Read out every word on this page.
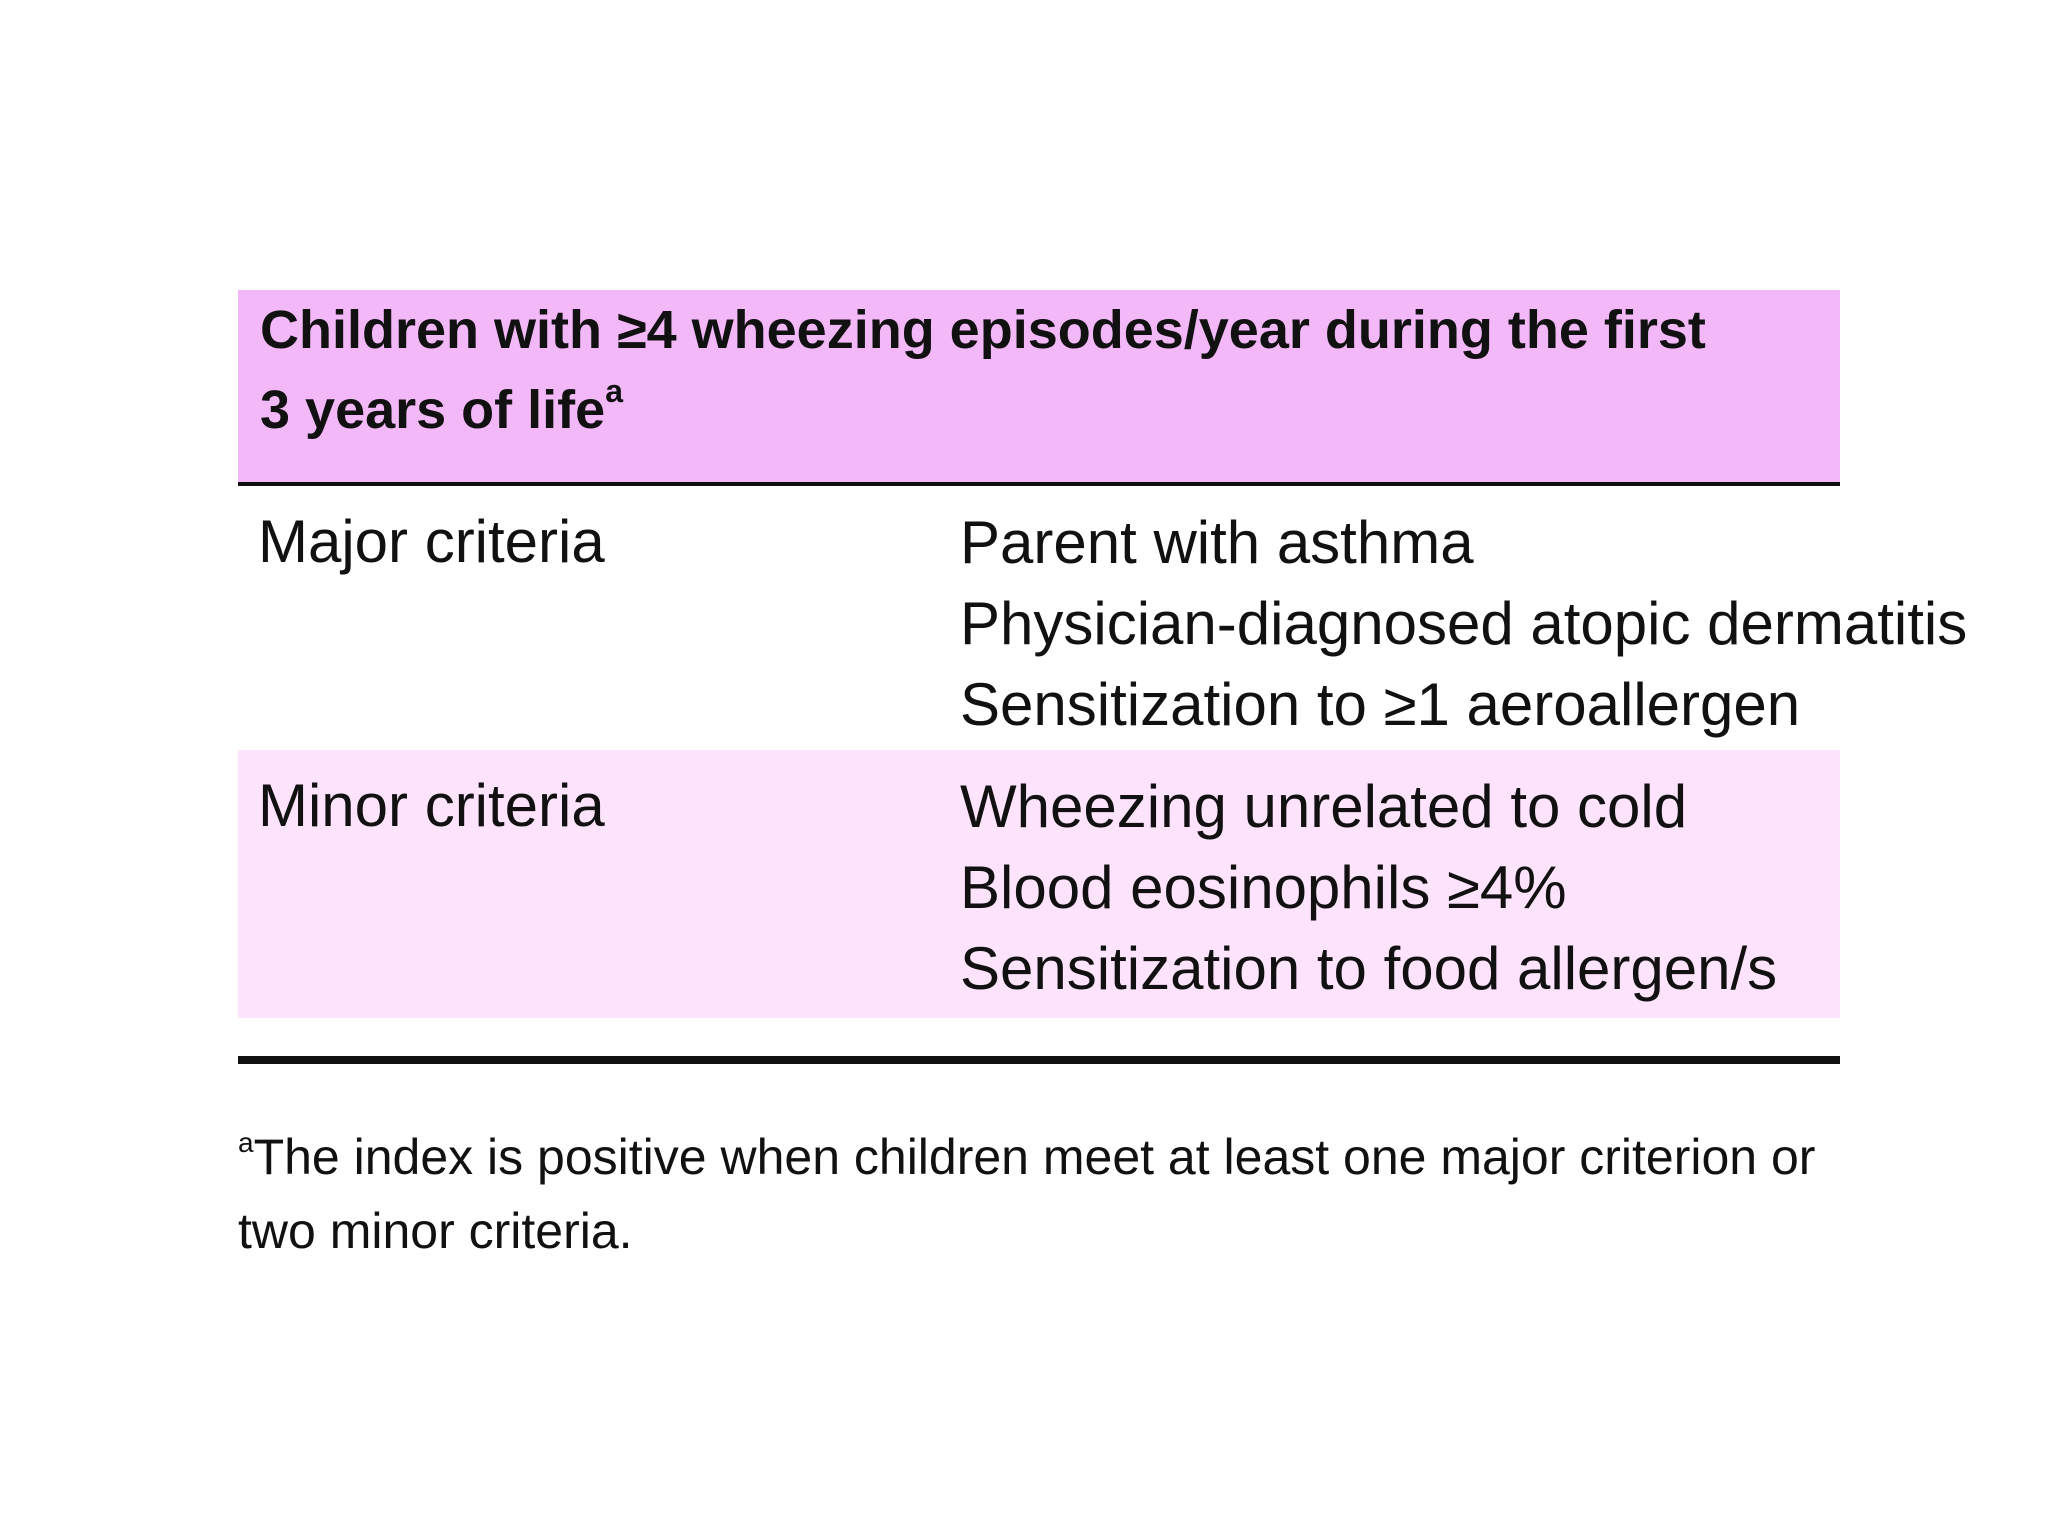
Children with ≥4 wheezing episodes/year during the first
3 years of life$^a$
Major criteria	Parent with asthma
Physician-diagnosed atopic dermatitis
Sensitization to ≥1 aeroallergen
Minor criteria	Wheezing unrelated to cold
Blood eosinophils ≥4%
Sensitization to food allergen/s
$^a$The index is positive when children meet at least one major criterion or two minor criteria.
